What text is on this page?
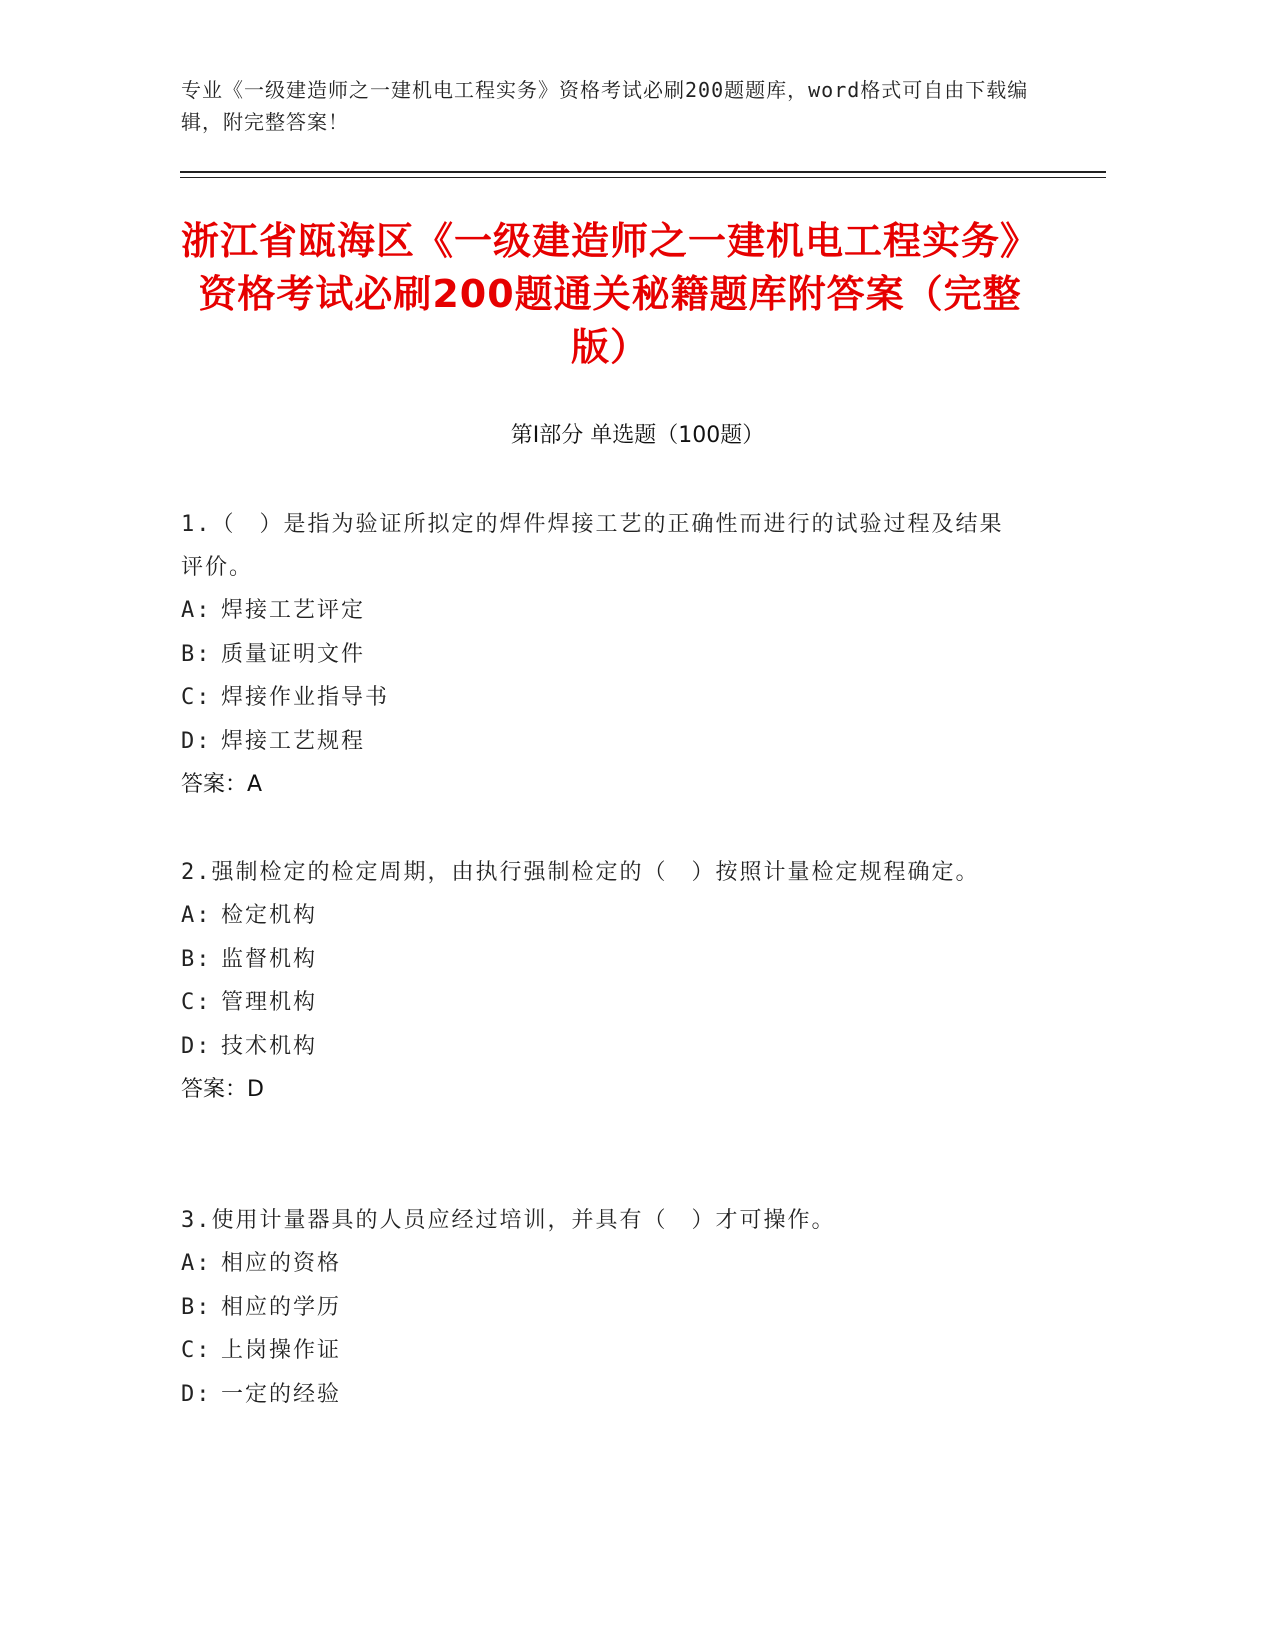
专业《一级建造师之一建机电工程实务》资格考试必刷200题题库，word格式可自由下载编辑，附完整答案！
浙江省瓯海区《一级建造师之一建机电工程实务》资格考试必刷200题通关秘籍题库附答案（完整版）
第I部分 单选题（100题）

1.（　）是指为验证所拟定的焊件焊接工艺的正确性而进行的试验过程及结果评价。

A: 焊接工艺评定

B: 质量证明文件

C: 焊接作业指导书

D: 焊接工艺规程

答案：A

2.强制检定的检定周期，由执行强制检定的（　）按照计量检定规程确定。

A: 检定机构

B: 监督机构

C: 管理机构

D: 技术机构

答案：D

3.使用计量器具的人员应经过培训，并具有（　）才可操作。

A: 相应的资格

B: 相应的学历

C: 上岗操作证

D: 一定的经验
